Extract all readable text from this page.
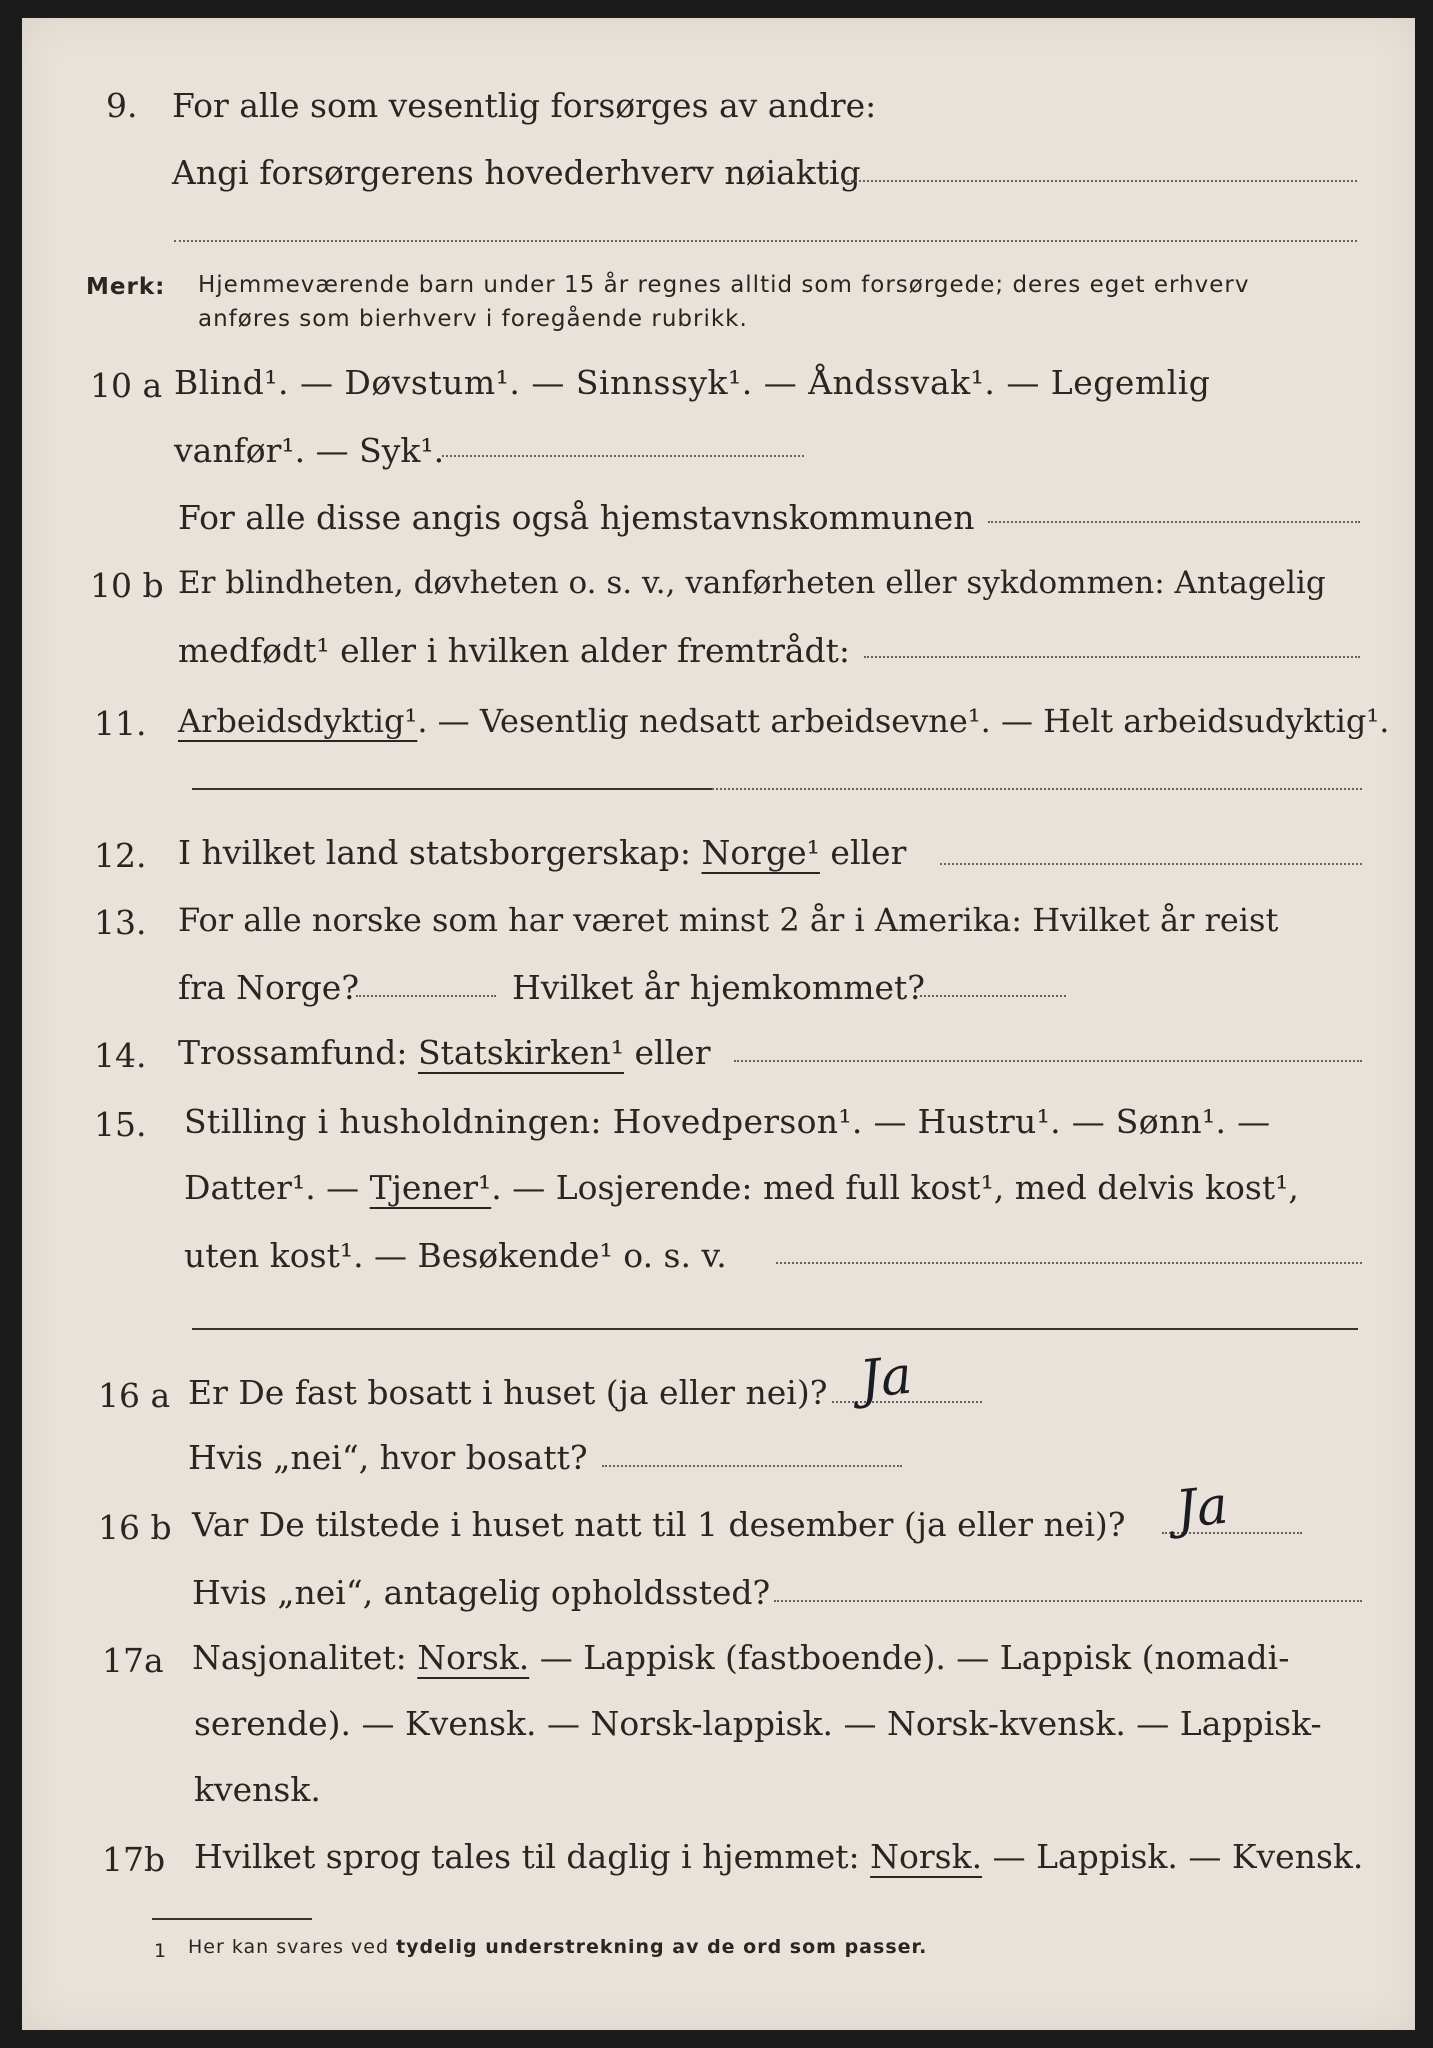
9. For alle som vesentlig forsørges av andre:
Angi forsørgerens hovederhverv nøiaktig
Merk: Hjemmeværende barn under 15 år regnes alltid som forsørgede; deres eget erhverv
anføres som bierhverv i foregående rubrikk.
10 a Blind¹. — Døvstum¹. — Sinnssyk¹. — Åndssvak¹. — Legemlig
vanfør¹. — Syk¹.
For alle disse angis også hjemstavnskommunen
10 b Er blindheten, døvheten o. s. v., vanførheten eller sykdommen: Antagelig
medfødt¹ eller i hvilken alder fremtrådt:
11. Arbeidsdyktig¹. — Vesentlig nedsatt arbeidsevne¹. — Helt arbeidsudyktig¹.
12. I hvilket land statsborgerskap: Norge¹ eller
13. For alle norske som har været minst 2 år i Amerika: Hvilket år reist
fra Norge?	Hvilket år hjemkommet?
14. Trossamfund: Statskirken¹ eller
15. Stilling i husholdningen: Hovedperson¹. — Hustru¹. — Sønn¹. —
Datter¹. — Tjener¹. — Losjerende: med full kost¹, med delvis kost¹,
uten kost¹. — Besøkende¹ o. s. v.
16 a Er De fast bosatt i huset (ja eller nei)? Ja
Hvis „nei“, hvor bosatt?
16 b Var De tilstede i huset natt til 1 desember (ja eller nei)? Ja
Hvis „nei“, antagelig opholdssted?
17a Nasjonalitet: Norsk. — Lappisk (fastboende). — Lappisk (nomadi-
serende). — Kvensk. — Norsk-lappisk. — Norsk-kvensk. — Lappisk-
kvensk.
17b Hvilket sprog tales til daglig i hjemmet: Norsk. — Lappisk. — Kvensk.
1 Her kan svares ved tydelig understrekning av de ord som passer.
